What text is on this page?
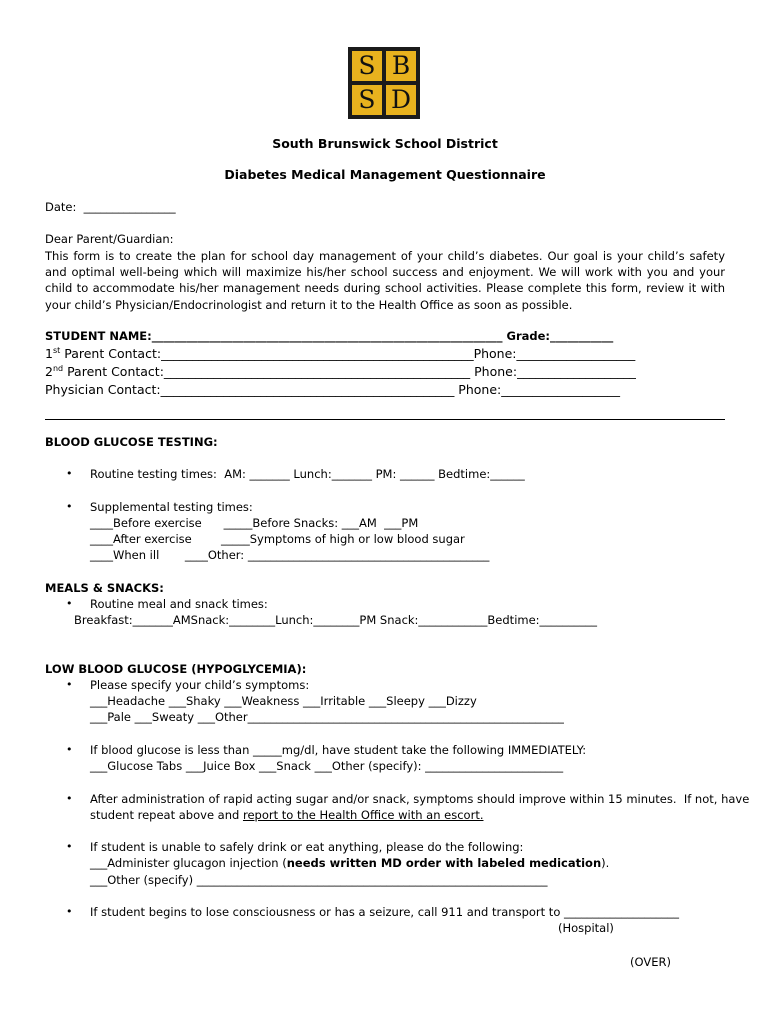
S B
S D
South Brunswick School District
Diabetes Medical Management Questionnaire
Date:  ________________
Dear Parent/Guardian:
This form is to create the plan for school day management of your child’s diabetes. Our goal is your child’s safety and optimal well-being which will maximize his/her school success and enjoyment. We will work with you and your child to accommodate his/her management needs during school activities. Please complete this form, review it with your child’s Physician/Endocrinologist and return it to the Health Office as soon as possible.
STUDENT NAME:_____________________________________________________________ Grade:___________
1st Parent Contact:__________________________________________________Phone:___________________
2nd Parent Contact:_________________________________________________ Phone:___________________
Physician Contact:_______________________________________________ Phone:___________________
BLOOD GLUCOSE TESTING:
• Routine testing times:  AM: _______ Lunch:_______ PM: ______ Bedtime:______
• Supplemental testing times:
____Before exercise      _____Before Snacks: ___AM  ___PM
____After exercise        _____Symptoms of high or low blood sugar
____When ill       ____Other: __________________________________________
MEALS & SNACKS:
• Routine meal and snack times:
Breakfast:_______AMSnack:________Lunch:________PM Snack:____________Bedtime:__________
LOW BLOOD GLUCOSE (HYPOGLYCEMIA):
• Please specify your child’s symptoms:
___Headache ___Shaky ___Weakness ___Irritable ___Sleepy ___Dizzy
___Pale ___Sweaty ___Other_______________________________________________________
• If blood glucose is less than _____mg/dl, have student take the following IMMEDIATELY:
___Glucose Tabs ___Juice Box ___Snack ___Other (specify): ________________________
• After administration of rapid acting sugar and/or snack, symptoms should improve within 15 minutes.  If not, have
student repeat above and report to the Health Office with an escort.
• If student is unable to safely drink or eat anything, please do the following:
___Administer glucagon injection (needs written MD order with labeled medication).
___Other (specify) _____________________________________________________________
• If student begins to lose consciousness or has a seizure, call 911 and transport to ____________________
(Hospital)
(OVER)
